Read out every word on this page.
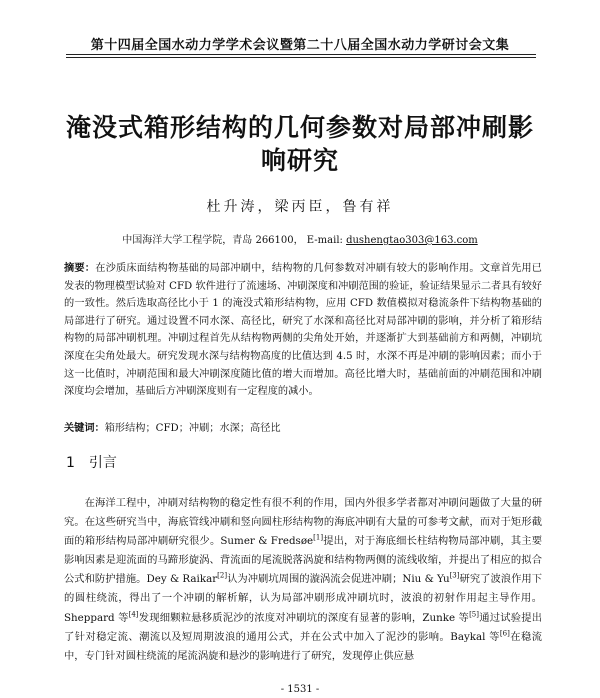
第十四届全国水动力学学术会议暨第二十八届全国水动力学研讨会文集
淹没式箱形结构的几何参数对局部冲刷影
响研究
杜升涛，梁丙臣，鲁有祥
中国海洋大学工程学院，青岛 266100， E-mail: dushengtao303@163.com
摘要：在沙质床面结构物基础的局部冲刷中，结构物的几何参数对冲刷有较大的影响作用。文章首先用已发表的物理模型试验对 CFD 软件进行了流速场、冲刷深度和冲刷范围的验证，验证结果显示二者具有较好的一致性。然后选取高径比小于 1 的淹没式箱形结构物，应用 CFD 数值模拟对稳流条件下结构物基础的局部进行了研究。通过设置不同水深、高径比，研究了水深和高径比对局部冲刷的影响，并分析了箱形结构物的局部冲刷机理。冲刷过程首先从结构物两侧的尖角处开始，并逐渐扩大到基础前方和两侧，冲刷坑深度在尖角处最大。研究发现水深与结构物高度的比值达到 4.5 时，水深不再是冲刷的影响因素；而小于这一比值时，冲刷范围和最大冲刷深度随比值的增大而增加。高径比增大时，基础前面的冲刷范围和冲刷深度均会增加，基础后方冲刷深度则有一定程度的减小。
关键词：箱形结构；CFD；冲刷；水深；高径比
1 引言
在海洋工程中，冲刷对结构物的稳定性有很不利的作用，国内外很多学者都对冲刷问题做了大量的研究。在这些研究当中，海底管线冲刷和竖向圆柱形结构物的海底冲刷有大量的可参考文献，而对于矩形截面的箱形结构局部冲刷研究很少。Sumer & Fredsøe[1]提出，对于海底细长柱结构物局部冲刷，其主要影响因素是迎流面的马蹄形旋涡、背流面的尾流脱落涡旋和结构物两侧的流线收缩，并提出了相应的拟合公式和防护措施。Dey & Raikar[2]认为冲刷坑周围的漩涡流会促进冲刷；Niu & Yu[3]研究了波浪作用下的圆柱绕流，得出了一个冲刷的解析解，认为局部冲刷形成冲刷坑时，波浪的初射作用起主导作用。Sheppard 等[4]发现细颗粒悬移质泥沙的浓度对冲刷坑的深度有显著的影响，Zunke 等[5]通过试验提出了针对稳定流、潮流以及短周期波浪的通用公式，并在公式中加入了泥沙的影响。Baykal 等[6]在稳流中，专门针对圆柱绕流的尾流涡旋和悬沙的影响进行了研究，发现停止供应悬
- 1531 -
